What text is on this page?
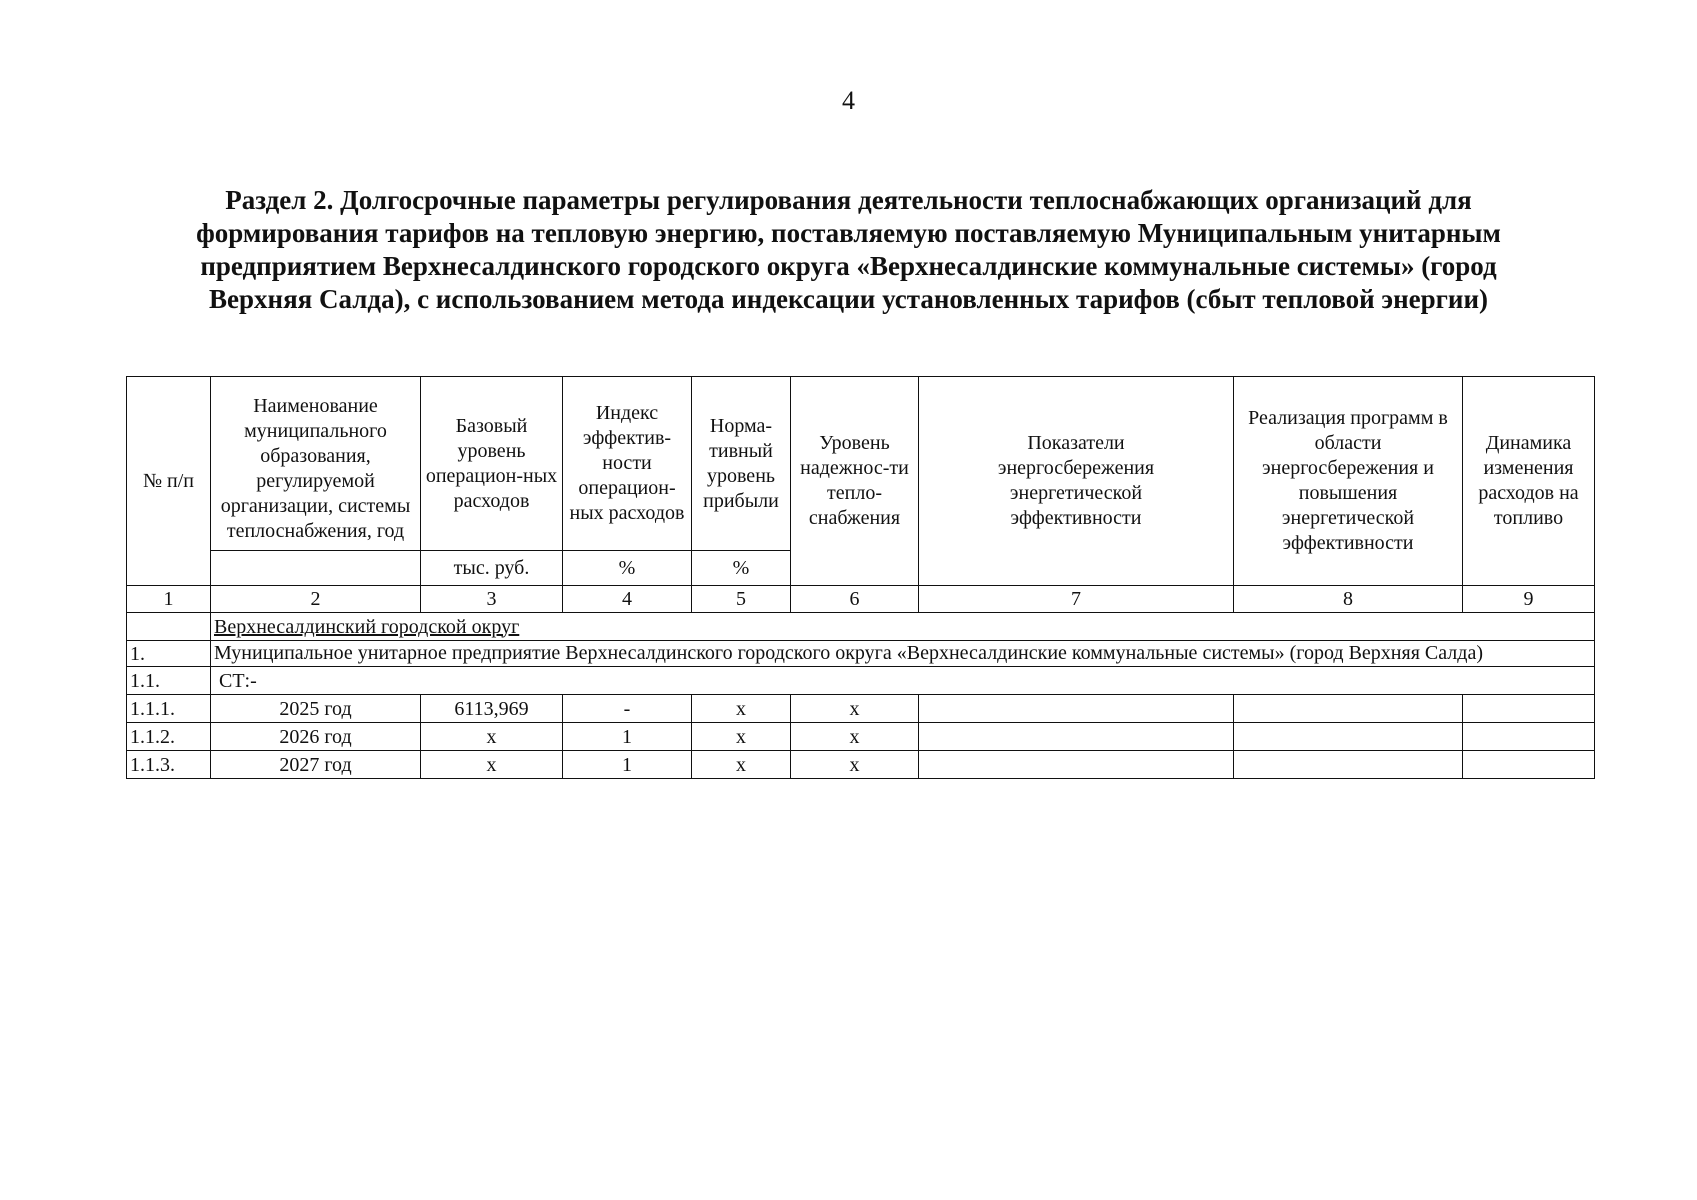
4
Раздел 2. Долгосрочные параметры регулирования деятельности теплоснабжающих организаций для формирования тарифов на тепловую энергию, поставляемую поставляемую Муниципальным унитарным предприятием Верхнесалдинского городского округа «Верхнесалдинские коммунальные системы» (город Верхняя Салда), с использованием метода индексации установленных тарифов (сбыт тепловой энергии)
№ п/п	Наименование муниципального образования, регулируемой организации, системы теплоснабжения, год	Базовый уровень операцион-ных расходов	Индекс эффектив-ности операцион-ных расходов	Норма-тивный уровень прибыли	Уровень надежнос-ти тепло-снабжения	Показатели энергосбережения энергетической эффективности	Реализация программ в области энергосбережения и повышения энергетической эффективности	Динамика изменения расходов на топливо
		тыс. руб.	%	%				
1	2	3	4	5	6	7	8	9
	Верхнесалдинский городской округ							
1.	Муниципальное унитарное предприятие Верхнесалдинского городского округа «Верхнесалдинские коммунальные системы» (город Верхняя Салда)							
1.1.	СТ:-							
1.1.1.	2025 год	6113,969	-	х	х			
1.1.2.	2026 год	х	1	х	х			
1.1.3.	2027 год	х	1	х	х			
